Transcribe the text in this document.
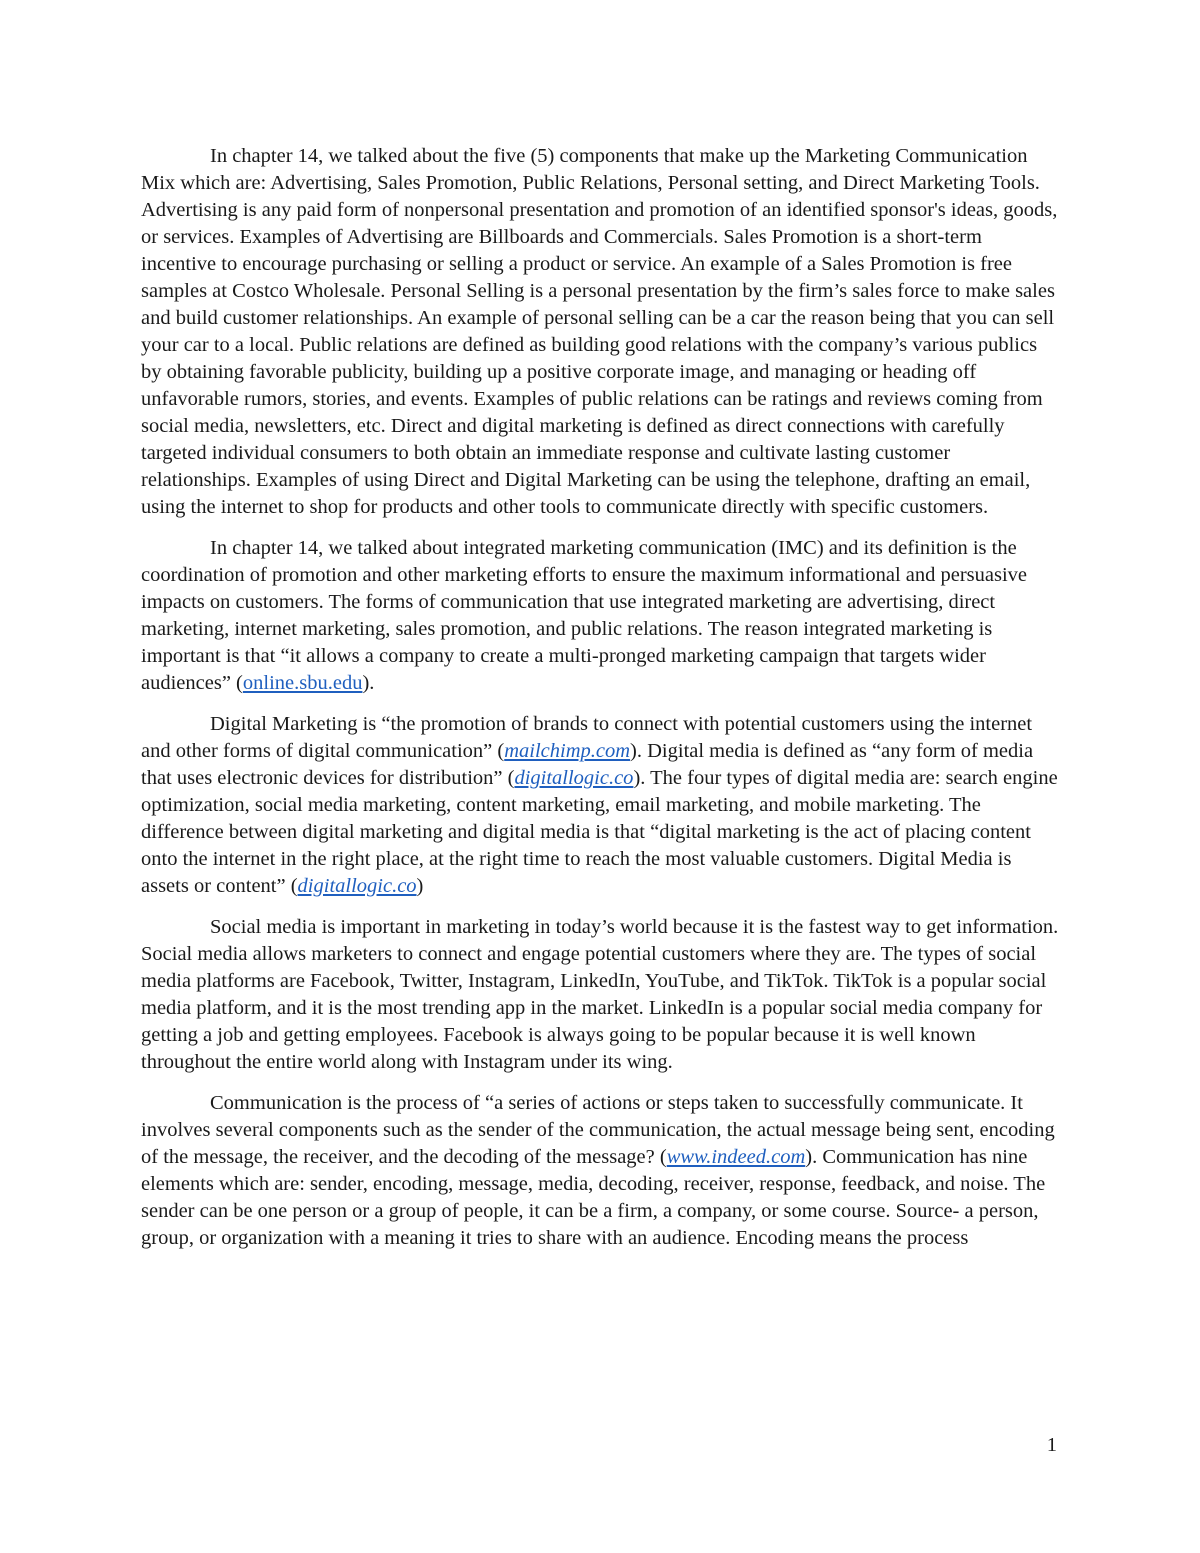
In chapter 14, we talked about the five (5) components that make up the Marketing Communication Mix which are: Advertising, Sales Promotion, Public Relations, Personal setting, and Direct Marketing Tools. Advertising is any paid form of nonpersonal presentation and promotion of an identified sponsor's ideas, goods, or services. Examples of Advertising are Billboards and Commercials. Sales Promotion is a short-term incentive to encourage purchasing or selling a product or service. An example of a Sales Promotion is free samples at Costco Wholesale. Personal Selling is a personal presentation by the firm’s sales force to make sales and build customer relationships. An example of personal selling can be a car the reason being that you can sell your car to a local. Public relations are defined as building good relations with the company’s various publics by obtaining favorable publicity, building up a positive corporate image, and managing or heading off unfavorable rumors, stories, and events. Examples of public relations can be ratings and reviews coming from social media, newsletters, etc. Direct and digital marketing is defined as direct connections with carefully targeted individual consumers to both obtain an immediate response and cultivate lasting customer relationships. Examples of using Direct and Digital Marketing can be using the telephone, drafting an email, using the internet to shop for products and other tools to communicate directly with specific customers.

In chapter 14, we talked about integrated marketing communication (IMC) and its definition is the coordination of promotion and other marketing efforts to ensure the maximum informational and persuasive impacts on customers. The forms of communication that use integrated marketing are advertising, direct marketing, internet marketing, sales promotion, and public relations. The reason integrated marketing is important is that “it allows a company to create a multi-pronged marketing campaign that targets wider audiences” (online.sbu.edu).

Digital Marketing is “the promotion of brands to connect with potential customers using the internet and other forms of digital communication” (mailchimp.com). Digital media is defined as “any form of media that uses electronic devices for distribution” (digitallogic.co). The four types of digital media are: search engine optimization, social media marketing, content marketing, email marketing, and mobile marketing. The difference between digital marketing and digital media is that “digital marketing is the act of placing content onto the internet in the right place, at the right time to reach the most valuable customers. Digital Media is assets or content” (digitallogic.co)

Social media is important in marketing in today’s world because it is the fastest way to get information. Social media allows marketers to connect and engage potential customers where they are. The types of social media platforms are Facebook, Twitter, Instagram, LinkedIn, YouTube, and TikTok. TikTok is a popular social media platform, and it is the most trending app in the market. LinkedIn is a popular social media company for getting a job and getting employees. Facebook is always going to be popular because it is well known throughout the entire world along with Instagram under its wing.

Communication is the process of “a series of actions or steps taken to successfully communicate. It involves several components such as the sender of the communication, the actual message being sent, encoding of the message, the receiver, and the decoding of the message? (www.indeed.com). Communication has nine elements which are: sender, encoding, message, media, decoding, receiver, response, feedback, and noise. The sender can be one person or a group of people, it can be a firm, a company, or some course. Source- a person, group, or organization with a meaning it tries to share with an audience. Encoding means the process

1
